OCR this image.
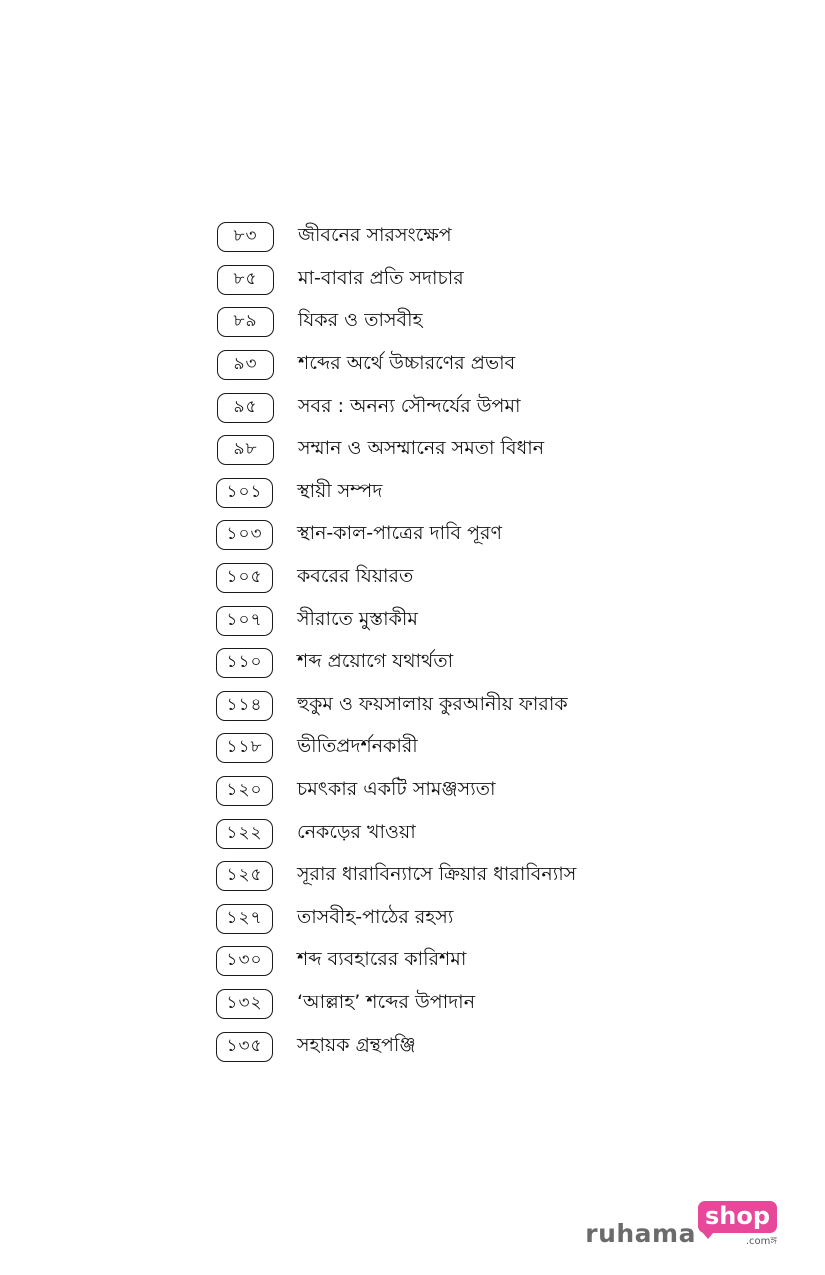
৮৩	জীবনের সারসংক্ষেপ
৮৫	মা-বাবার প্রতি সদাচার
৮৯	যিকর ও তাসবীহ
৯৩	শব্দের অর্থে উচ্চারণের প্রভাব
৯৫	সবর : অনন্য সৌন্দর্যের উপমা
৯৮	সম্মান ও অসম্মানের সমতা বিধান
১০১	স্থায়ী সম্পদ
১০৩	স্থান-কাল-পাত্রের দাবি পূরণ
১০৫	কবরের যিয়ারত
১০৭	সীরাতে মুস্তাকীম
১১০	শব্দ প্রয়োগে যথার্থতা
১১৪	হুকুম ও ফয়সালায় কুরআনীয় ফারাক
১১৮	ভীতিপ্রদর্শনকারী
১২০	চমৎকার একটি সামঞ্জস্যতা
১২২	নেকড়ের খাওয়া
১২৫	সূরার ধারাবিন্যাসে ক্রিয়ার ধারাবিন্যাস
১২৭	তাসবীহ-পাঠের রহস্য
১৩০	শব্দ ব্যবহারের কারিশমা
১৩২	‘আল্লাহ’ শব্দের উপাদান
১৩৫	সহায়ক গ্রন্থপঞ্জি
ruhama
shop
.comঙ্গ
